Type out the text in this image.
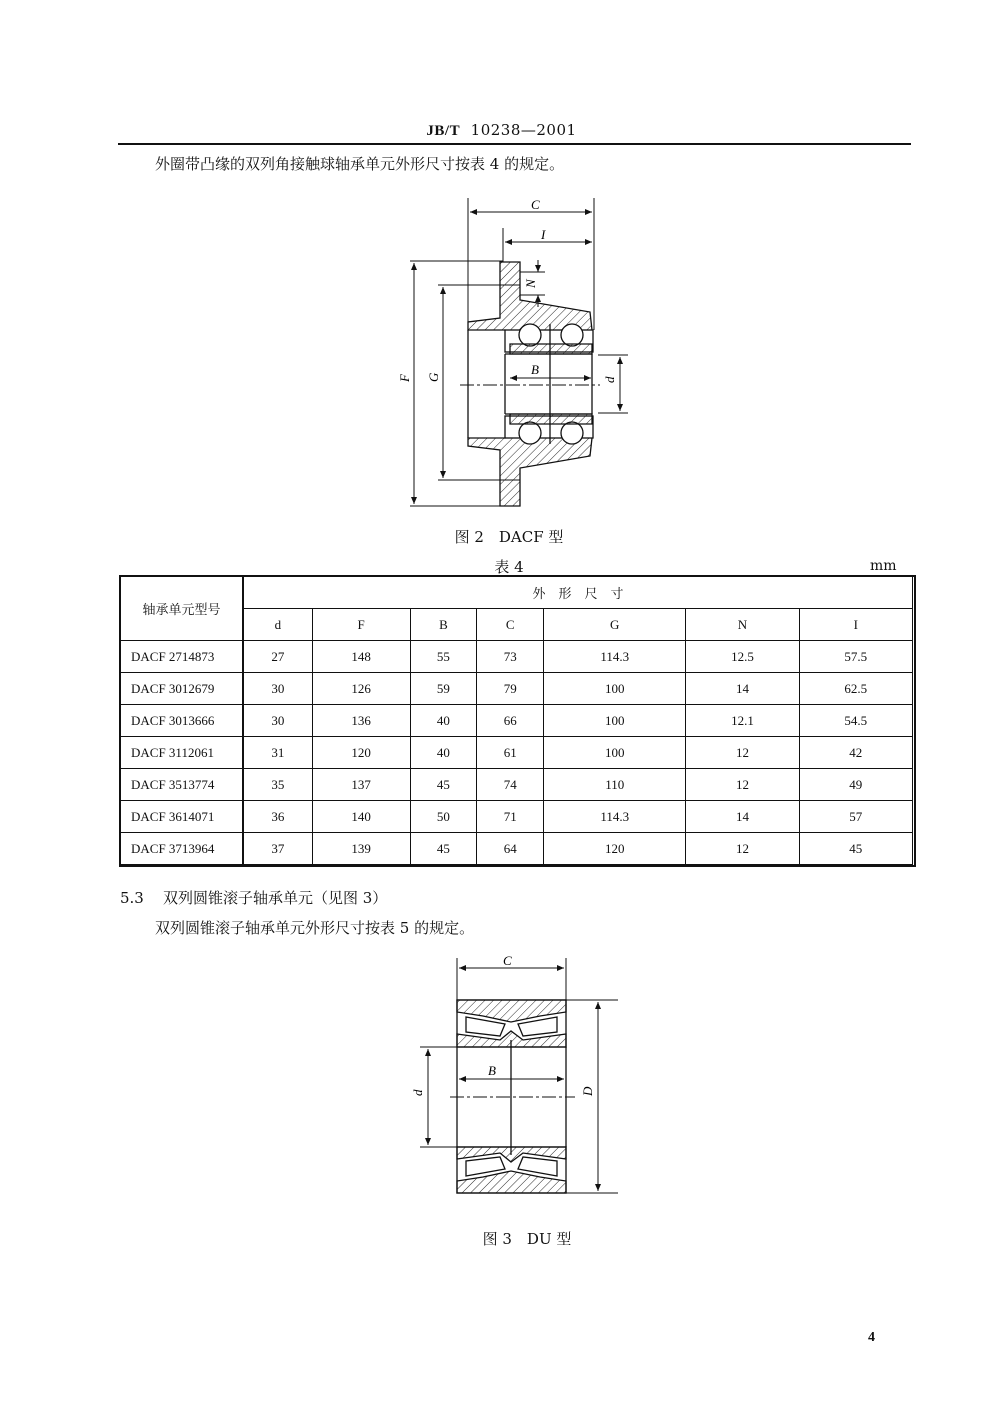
JB/T 10238—2001
外圈带凸缘的双列角接触球轴承单元外形尺寸按表 4 的规定。
C
I
N
F G
B
d
图 2　DACF 型
表 4	mm
轴承单元型号	外　形　尺　寸						
	d	F	B	C	G	N	I
DACF 2714873	27	148	55	73	114.3	12.5	57.5
DACF 3012679	30	126	59	79	100	14	62.5
DACF 3013666	30	136	40	66	100	12.1	54.5
DACF 3112061	31	120	40	61	100	12	42
DACF 3513774	35	137	45	74	110	12	49
DACF 3614071	36	140	50	71	114.3	14	57
DACF 3713964	37	139	45	64	120	12	45
5.3 双列圆锥滚子轴承单元（见图 3）
双列圆锥滚子轴承单元外形尺寸按表 5 的规定。
C
B
d	D
图 3　DU 型
4
